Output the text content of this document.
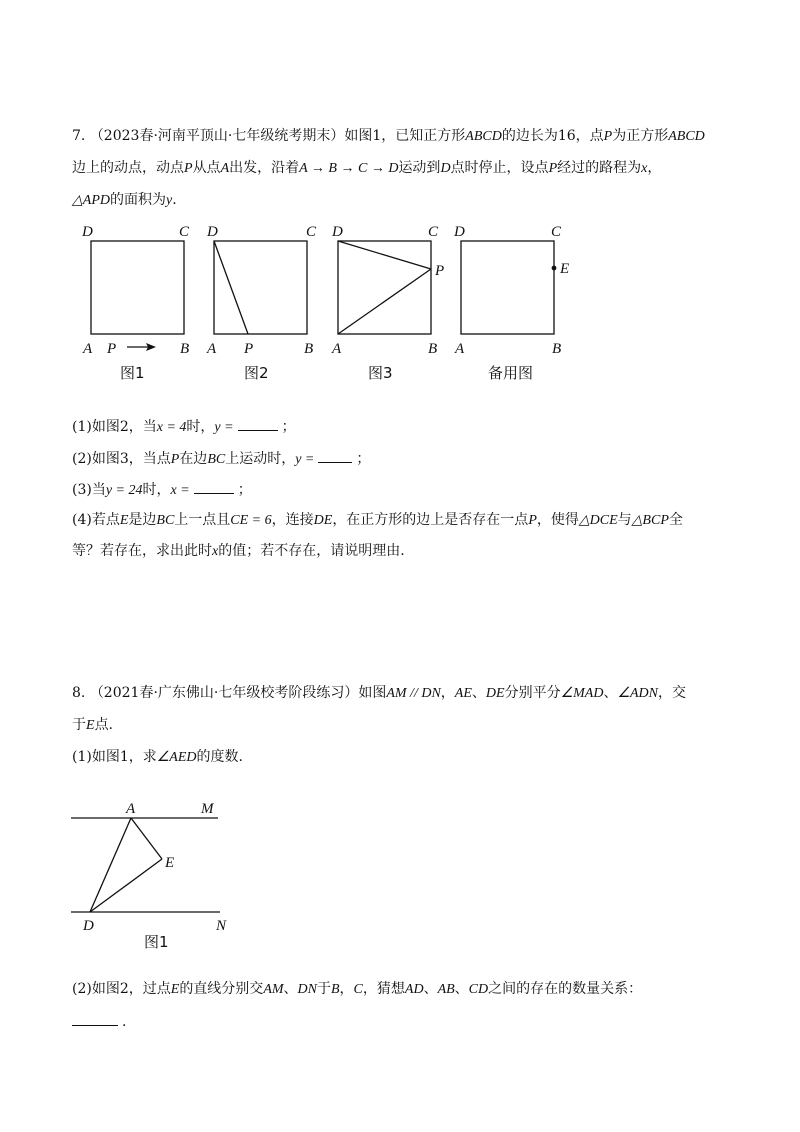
7. （2023春·河南平顶山·七年级统考期末）如图1，已知正方形ABCD的边长为16，点P为正方形ABCD
边上的动点，动点P从点A出发，沿着A → B → C → D运动到D点时停止，设点P经过的路程为x，
△APD的面积为y.
D	C
A P	B
D	C
A P	B
D	C
P
A	B
D	C
E
A	B
图1	图2	图3	备用图
(1)如图2，当x = 4时，y =	；
(2)如图3，当点P在边BC上运动时，y =	；
(3)当y = 24时，x =	；
(4)若点E是边BC上一点且CE = 6，连接DE，在正方形的边上是否存在一点P，使得△DCE与△BCP全
等？若存在，求出此时x的值；若不存在，请说明理由.
8. （2021春·广东佛山·七年级校考阶段练习）如图AM // DN，AE、DE分别平分∠MAD、∠ADN，交
于E点.
(1)如图1，求∠AED的度数.
A	M
E
D	N
图1
(2)如图2，过点E的直线分别交AM、DN于B，C，猜想AD、AB、CD之间的存在的数量关系：
.
